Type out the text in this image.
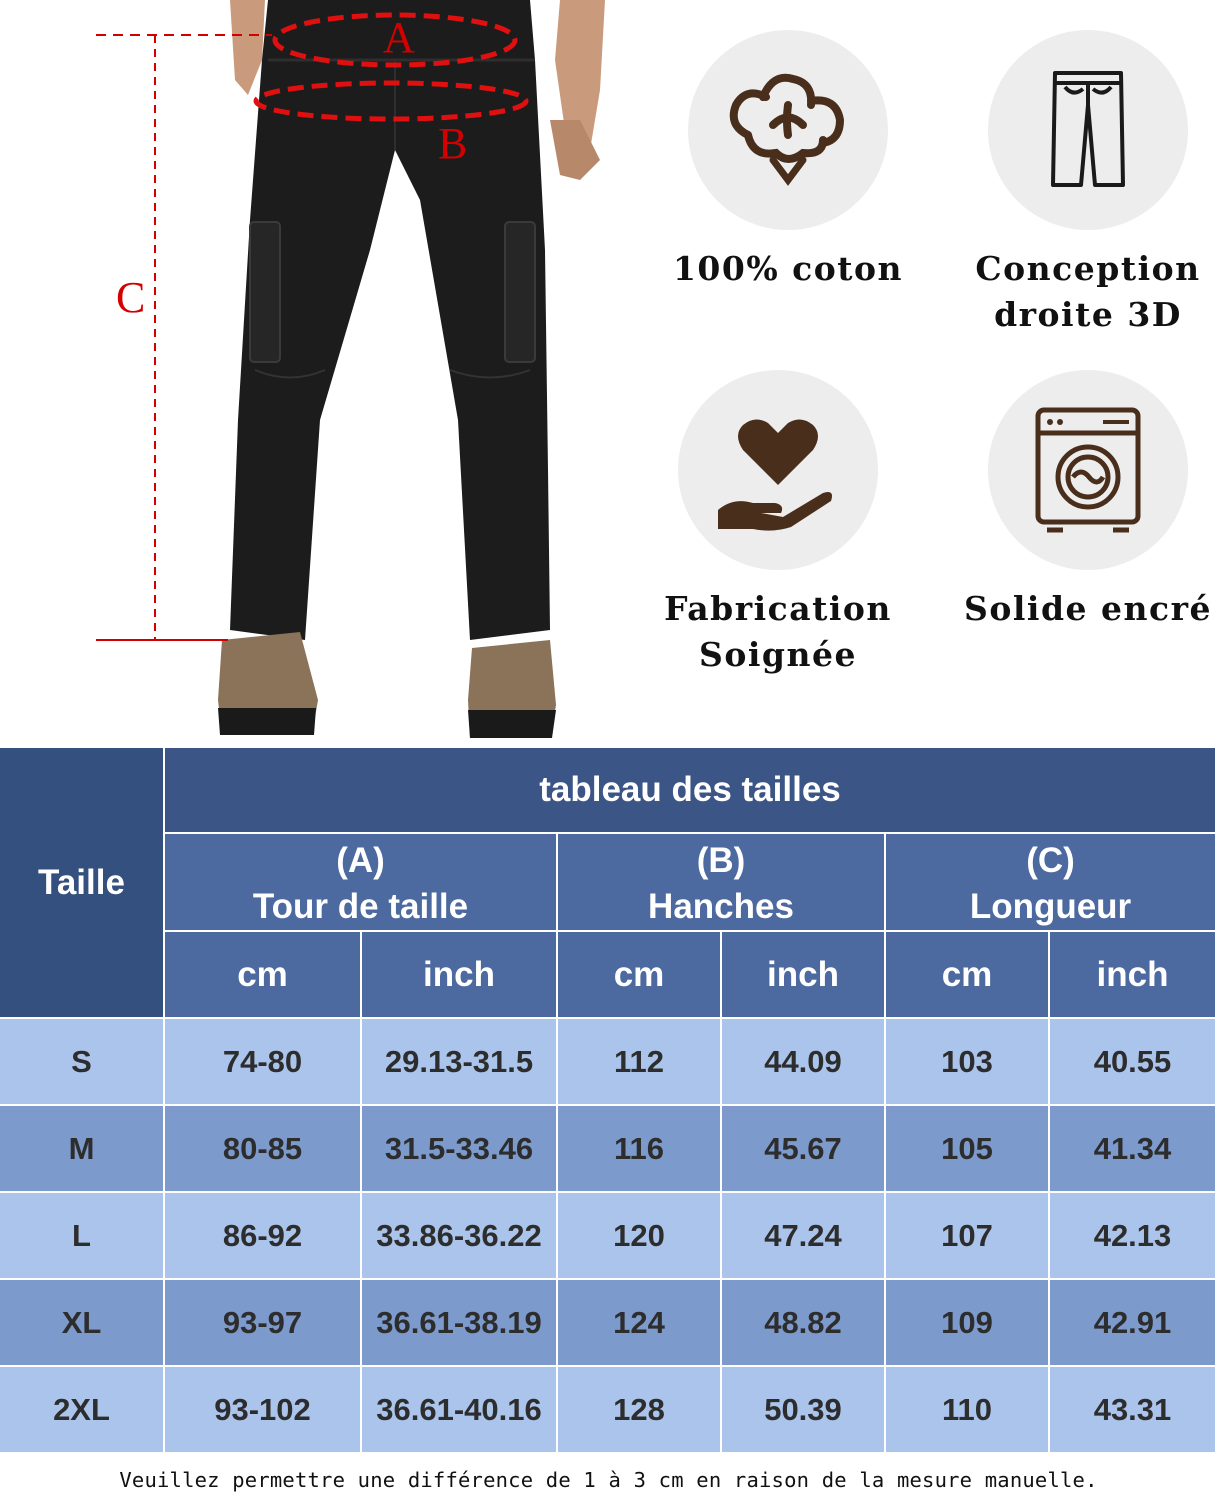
A
B
C
100% coton	Conception
droite 3D
Fabrication
Soignée
Solide encré
Taille
tableau des tailles
(A)
Tour de taille
(B)
Hanches
(C)
Longueur
cm	inch	cm	inch	cm	inch
S	74-80	29.13-31.5	112	44.09	103	40.55
M	80-85	31.5-33.46	116	45.67	105	41.34
L	86-92	33.86-36.22	120	47.24	107	42.13
XL	93-97	36.61-38.19	124	48.82	109	42.91
2XL	93-102	36.61-40.16	128	50.39	110	43.31
Veuillez permettre une différence de 1 à 3 cm en raison de la mesure manuelle.
